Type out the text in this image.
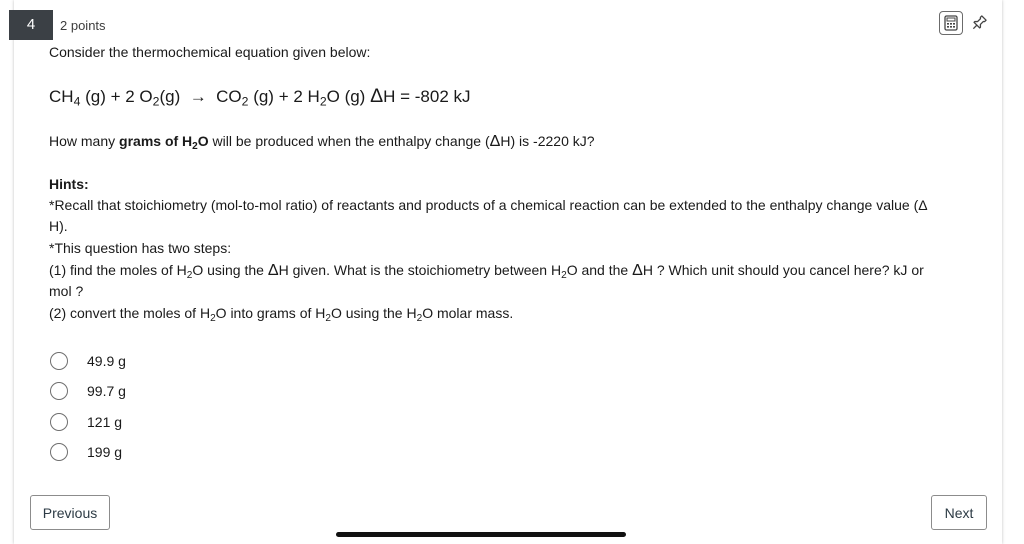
4	2 points
Consider the thermochemical equation given below:
$CH_4$ (g) + 2 $O_2(g) \to CO_2$ (g) + 2 $H_2O$ (g) ΔH = -802 kJ
How many grams of $H_2O$ will be produced when the enthalpy change (ΔH) is -2220 kJ?
Hints:
*Recall that stoichiometry (mol-to-mol ratio) of reactants and products of a chemical reaction can be extended to the enthalpy change value (Δ
H).
*This question has two steps:
(1) find the moles of $H_2O$ using the ΔH given. What is the stoichiometry between $H_2O$ and the ΔH ? Which unit should you cancel here? kJ or
mol ?
(2) convert the moles of $H_2O$ into grams of $H_2O$ using the $H_2O$ molar mass.
49.9 g
99.7 g
121 g
199 g
Previous	Next
